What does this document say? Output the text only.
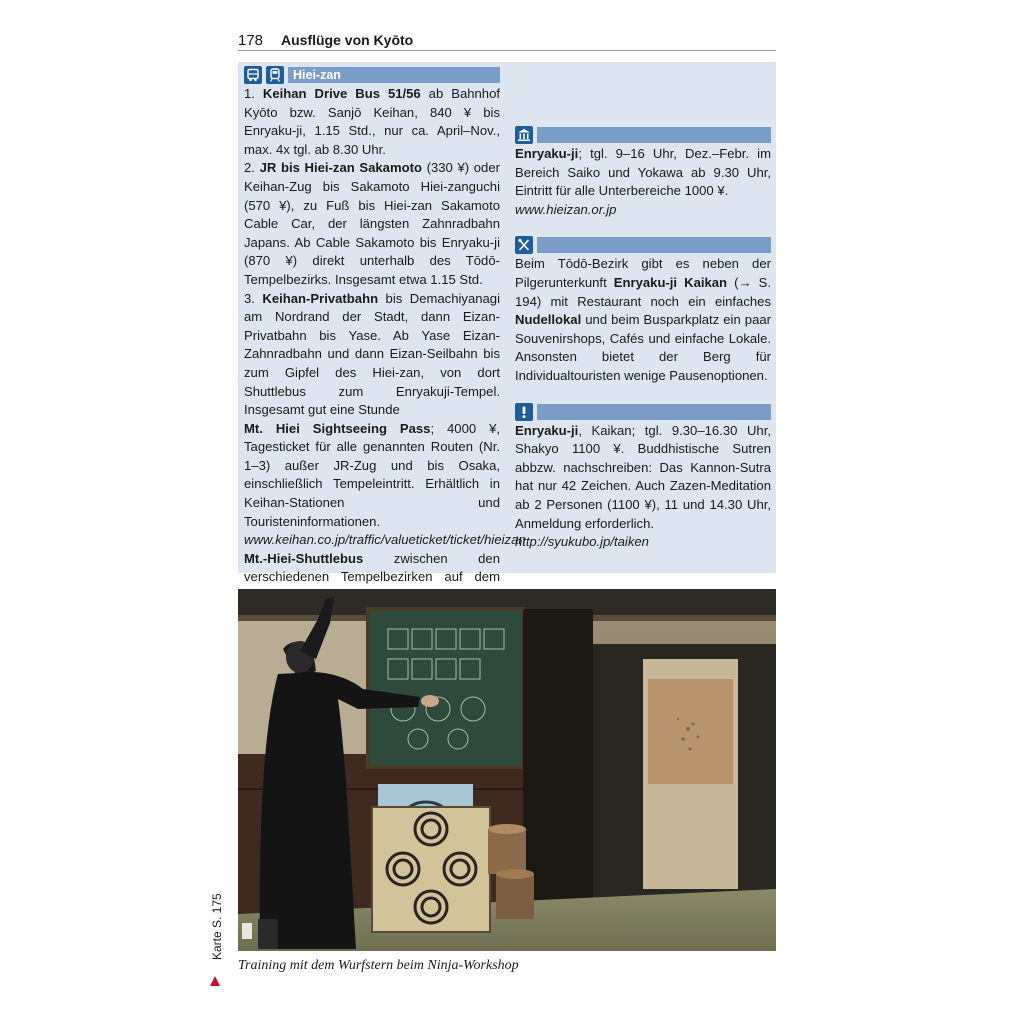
178 Ausflüge von Kyōto
Hiei-zan

1. Keihan Drive Bus 51/56 ab Bahnhof Kyōto bzw. Sanjō Keihan, 840 ¥ bis Enryaku-ji, 1.15 Std., nur ca. April–Nov., max. 4x tgl. ab 8.30 Uhr.

2. JR bis Hiei-zan Sakamoto (330 ¥) oder Keihan-Zug bis Sakamoto Hiei-zanguchi (570 ¥), zu Fuß bis Hiei-zan Sakamoto Cable Car, der längsten Zahnradbahn Japans. Ab Cable Sakamoto bis Enryaku-ji (870 ¥) direkt unterhalb des Tōdō-Tempelbezirks. Insgesamt etwa 1.15 Std.

3. Keihan-Privatbahn bis Demachiyanagi am Nordrand der Stadt, dann Eizan-Privatbahn bis Yase. Ab Yase Eizan-Zahnradbahn und dann Eizan-Seilbahn bis zum Gipfel des Hiei-zan, von dort Shuttlebus zum Enryakuji-Tempel. Insgesamt gut eine Stunde

Mt. Hiei Sightseeing Pass; 4000 ¥, Tagesticket für alle genannten Routen (Nr. 1–3) außer JR-Zug und bis Osaka, einschließlich Tempeleintritt. Erhältlich in Keihan-Stationen und Touristeninformationen.

www.keihan.co.jp/traffic/valueticket/ticket/hieizan

Mt.-Hiei-Shuttlebus zwischen den verschiedenen Tempelbezirken auf dem

Enryaku-ji; tgl. 9–16 Uhr, Dez.–Febr. im Bereich Saiko und Yokawa ab 9.30 Uhr, Eintritt für alle Unterbereiche 1000 ¥.

www.hieizan.or.jp

Beim Tōdō-Bezirk gibt es neben der Pilgerunterkunft Enryaku-ji Kaikan (→ S. 194) mit Restaurant noch ein einfaches Nudellokal und beim Busparkplatz ein paar Souvenirshops, Cafés und einfache Lokale. Ansonsten bietet der Berg für Individualtouristen wenige Pausenoptionen.

Enryaku-ji, Kaikan; tgl. 9.30–16.30 Uhr, Shakyo 1100 ¥. Buddhistische Sutren abbzw. nachschreiben: Das Kannon-Sutra hat nur 42 Zeichen. Auch Zazen-Meditation ab 2 Personen (1100 ¥), 11 und 14.30 Uhr, Anmeldung erforderlich.

http://syukubo.jp/taiken

Training mit dem Wurfstern beim Ninja-Workshop
Karte S. 175
